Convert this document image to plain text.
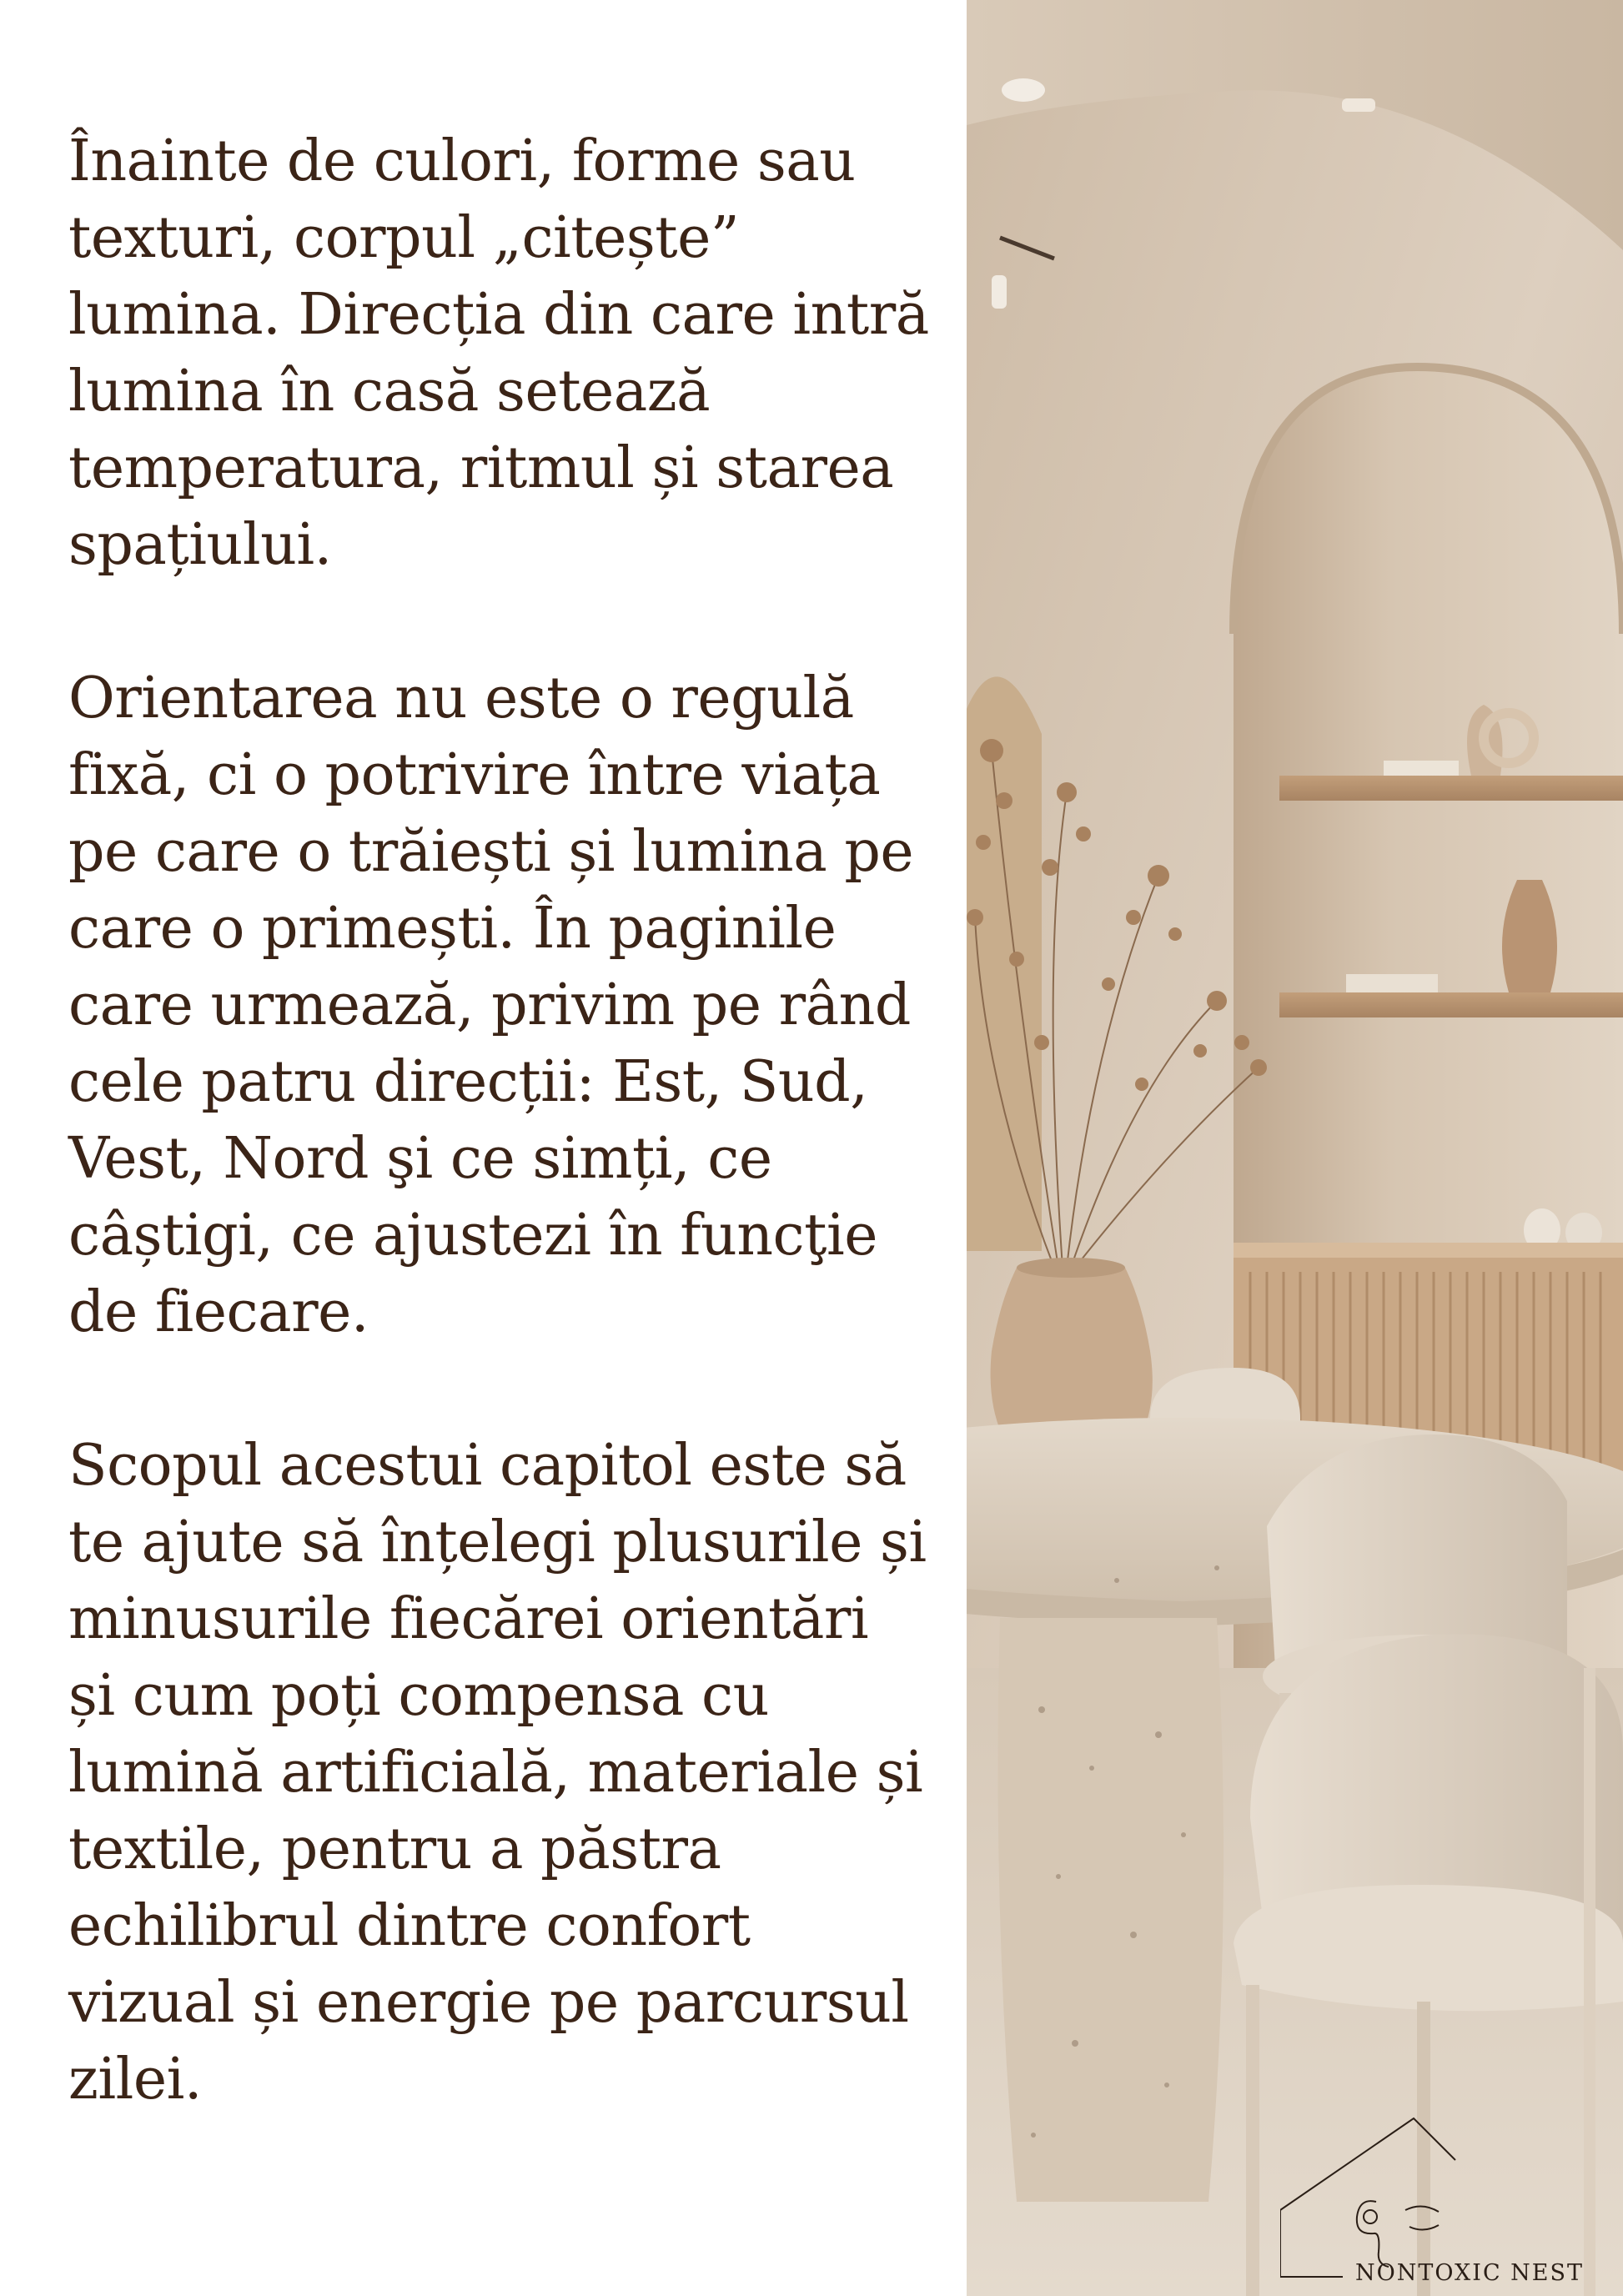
Înainte de culori, forme sau
texturi, corpul „citește”
lumina. Direcția din care intră
lumina în casă setează
temperatura, ritmul și starea
spațiului.

Orientarea nu este o regulă
fixă, ci o potrivire între viața
pe care o trăiești și lumina pe
care o primești. În paginile
care urmează, privim pe rând
cele patru direcții: Est, Sud,
Vest, Nord şi ce simți, ce
câștigi, ce ajustezi în funcţie
de fiecare.

Scopul acestui capitol este să
te ajute să înțelegi plusurile și
minusurile fiecărei orientări
și cum poți compensa cu
lumină artificială, materiale și
textile, pentru a păstra
echilibrul dintre confort
vizual și energie pe parcursul
zilei.

NONTOXIC NEST
